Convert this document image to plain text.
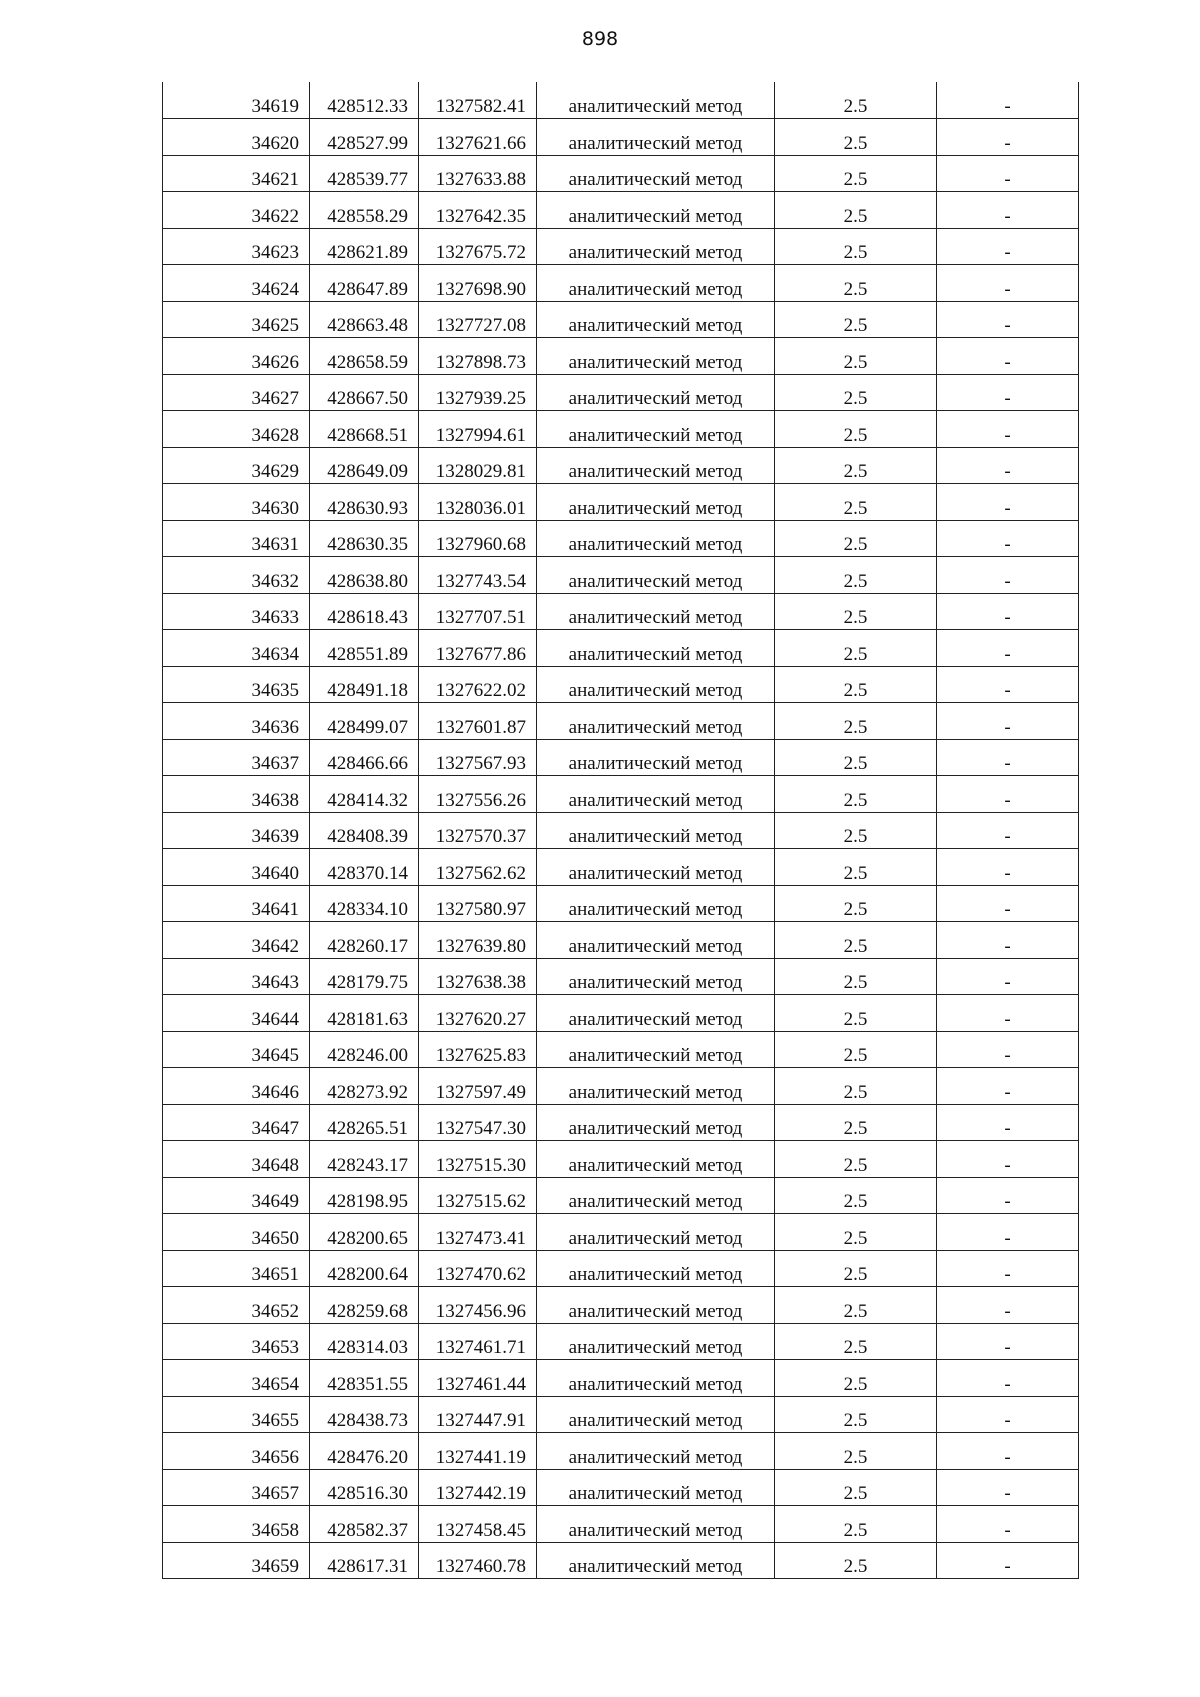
898
34619	428512.33	1327582.41	аналитический метод	2.5	-
34620	428527.99	1327621.66	аналитический метод	2.5	-
34621	428539.77	1327633.88	аналитический метод	2.5	-
34622	428558.29	1327642.35	аналитический метод	2.5	-
34623	428621.89	1327675.72	аналитический метод	2.5	-
34624	428647.89	1327698.90	аналитический метод	2.5	-
34625	428663.48	1327727.08	аналитический метод	2.5	-
34626	428658.59	1327898.73	аналитический метод	2.5	-
34627	428667.50	1327939.25	аналитический метод	2.5	-
34628	428668.51	1327994.61	аналитический метод	2.5	-
34629	428649.09	1328029.81	аналитический метод	2.5	-
34630	428630.93	1328036.01	аналитический метод	2.5	-
34631	428630.35	1327960.68	аналитический метод	2.5	-
34632	428638.80	1327743.54	аналитический метод	2.5	-
34633	428618.43	1327707.51	аналитический метод	2.5	-
34634	428551.89	1327677.86	аналитический метод	2.5	-
34635	428491.18	1327622.02	аналитический метод	2.5	-
34636	428499.07	1327601.87	аналитический метод	2.5	-
34637	428466.66	1327567.93	аналитический метод	2.5	-
34638	428414.32	1327556.26	аналитический метод	2.5	-
34639	428408.39	1327570.37	аналитический метод	2.5	-
34640	428370.14	1327562.62	аналитический метод	2.5	-
34641	428334.10	1327580.97	аналитический метод	2.5	-
34642	428260.17	1327639.80	аналитический метод	2.5	-
34643	428179.75	1327638.38	аналитический метод	2.5	-
34644	428181.63	1327620.27	аналитический метод	2.5	-
34645	428246.00	1327625.83	аналитический метод	2.5	-
34646	428273.92	1327597.49	аналитический метод	2.5	-
34647	428265.51	1327547.30	аналитический метод	2.5	-
34648	428243.17	1327515.30	аналитический метод	2.5	-
34649	428198.95	1327515.62	аналитический метод	2.5	-
34650	428200.65	1327473.41	аналитический метод	2.5	-
34651	428200.64	1327470.62	аналитический метод	2.5	-
34652	428259.68	1327456.96	аналитический метод	2.5	-
34653	428314.03	1327461.71	аналитический метод	2.5	-
34654	428351.55	1327461.44	аналитический метод	2.5	-
34655	428438.73	1327447.91	аналитический метод	2.5	-
34656	428476.20	1327441.19	аналитический метод	2.5	-
34657	428516.30	1327442.19	аналитический метод	2.5	-
34658	428582.37	1327458.45	аналитический метод	2.5	-
34659	428617.31	1327460.78	аналитический метод	2.5	-
